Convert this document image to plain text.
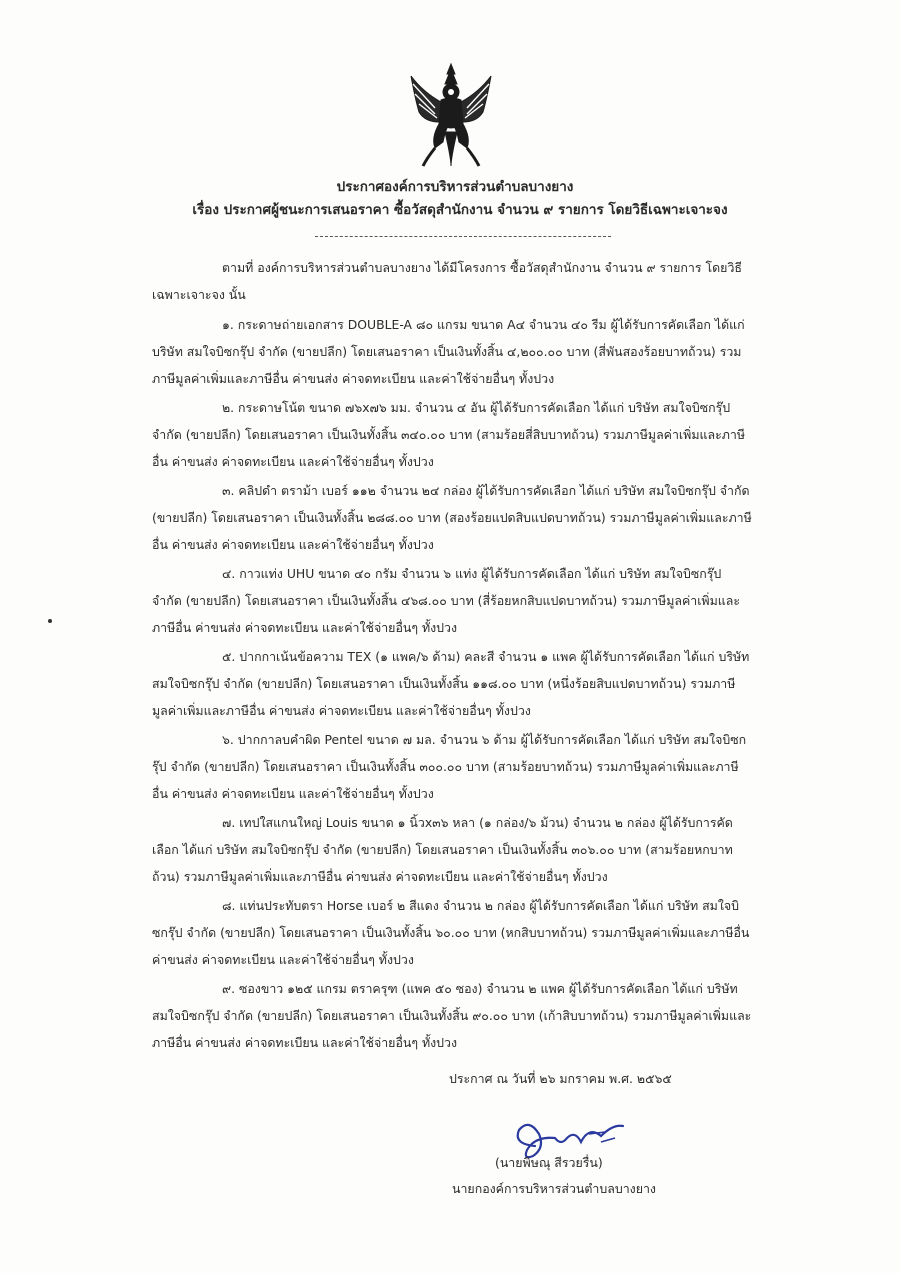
ประกาศองค์การบริหารส่วนตำบลบางยาง
เรื่อง ประกาศผู้ชนะการเสนอราคา ซื้อวัสดุสำนักงาน จำนวน ๙ รายการ โดยวิธีเฉพาะเจาะจง

ตามที่ องค์การบริหารส่วนตำบลบางยาง ได้มีโครงการ ซื้อวัสดุสำนักงาน จำนวน ๙ รายการ โดยวิธีเฉพาะเจาะจง นั้น

๑. กระดาษถ่ายเอกสาร DOUBLE-A ๘๐ แกรม ขนาด A๔ จำนวน ๔๐ รีม ผู้ได้รับการคัดเลือก ได้แก่ บริษัท สมใจบิซกรุ๊ป จำกัด (ขายปลีก) โดยเสนอราคา เป็นเงินทั้งสิ้น ๔,๒๐๐.๐๐ บาท (สี่พันสองร้อยบาทถ้วน) รวมภาษีมูลค่าเพิ่มและภาษีอื่น ค่าขนส่ง ค่าจดทะเบียน และค่าใช้จ่ายอื่นๆ ทั้งปวง

๒. กระดาษโน้ต ขนาด ๗๖x๗๖ มม. จำนวน ๔ อัน ผู้ได้รับการคัดเลือก ได้แก่ บริษัท สมใจบิซกรุ๊ป จำกัด (ขายปลีก) โดยเสนอราคา เป็นเงินทั้งสิ้น ๓๔๐.๐๐ บาท (สามร้อยสี่สิบบาทถ้วน) รวมภาษีมูลค่าเพิ่มและภาษีอื่น ค่าขนส่ง ค่าจดทะเบียน และค่าใช้จ่ายอื่นๆ ทั้งปวง

๓. คลิปดำ ตราม้า เบอร์ ๑๑๒ จำนวน ๒๔ กล่อง ผู้ได้รับการคัดเลือก ได้แก่ บริษัท สมใจบิซกรุ๊ป จำกัด (ขายปลีก) โดยเสนอราคา เป็นเงินทั้งสิ้น ๒๘๘.๐๐ บาท (สองร้อยแปดสิบแปดบาทถ้วน) รวมภาษีมูลค่าเพิ่มและภาษีอื่น ค่าขนส่ง ค่าจดทะเบียน และค่าใช้จ่ายอื่นๆ ทั้งปวง

๔. กาวแท่ง UHU ขนาด ๔๐ กรัม จำนวน ๖ แท่ง ผู้ได้รับการคัดเลือก ได้แก่ บริษัท สมใจบิซกรุ๊ป จำกัด (ขายปลีก) โดยเสนอราคา เป็นเงินทั้งสิ้น ๔๖๘.๐๐ บาท (สี่ร้อยหกสิบแปดบาทถ้วน) รวมภาษีมูลค่าเพิ่มและภาษีอื่น ค่าขนส่ง ค่าจดทะเบียน และค่าใช้จ่ายอื่นๆ ทั้งปวง

๕. ปากกาเน้นข้อความ TEX (๑ แพค/๖ ด้าม) คละสี จำนวน ๑ แพค ผู้ได้รับการคัดเลือก ได้แก่ บริษัท สมใจบิซกรุ๊ป จำกัด (ขายปลีก) โดยเสนอราคา เป็นเงินทั้งสิ้น ๑๑๘.๐๐ บาท (หนึ่งร้อยสิบแปดบาทถ้วน) รวมภาษีมูลค่าเพิ่มและภาษีอื่น ค่าขนส่ง ค่าจดทะเบียน และค่าใช้จ่ายอื่นๆ ทั้งปวง

๖. ปากกาลบคำผิด Pentel ขนาด ๗ มล. จำนวน ๖ ด้าม ผู้ได้รับการคัดเลือก ได้แก่ บริษัท สมใจบิซกรุ๊ป จำกัด (ขายปลีก) โดยเสนอราคา เป็นเงินทั้งสิ้น ๓๐๐.๐๐ บาท (สามร้อยบาทถ้วน) รวมภาษีมูลค่าเพิ่มและภาษีอื่น ค่าขนส่ง ค่าจดทะเบียน และค่าใช้จ่ายอื่นๆ ทั้งปวง

๗. เทปใสแกนใหญ่ Louis ขนาด ๑ นิ้วx๓๖ หลา (๑ กล่อง/๖ ม้วน) จำนวน ๒ กล่อง ผู้ได้รับการคัดเลือก ได้แก่ บริษัท สมใจบิซกรุ๊ป จำกัด (ขายปลีก) โดยเสนอราคา เป็นเงินทั้งสิ้น ๓๐๖.๐๐ บาท (สามร้อยหกบาทถ้วน) รวมภาษีมูลค่าเพิ่มและภาษีอื่น ค่าขนส่ง ค่าจดทะเบียน และค่าใช้จ่ายอื่นๆ ทั้งปวง

๘. แท่นประทับตรา Horse เบอร์ ๒ สีแดง จำนวน ๒ กล่อง ผู้ได้รับการคัดเลือก ได้แก่ บริษัท สมใจบิซกรุ๊ป จำกัด (ขายปลีก) โดยเสนอราคา เป็นเงินทั้งสิ้น ๖๐.๐๐ บาท (หกสิบบาทถ้วน) รวมภาษีมูลค่าเพิ่มและภาษีอื่น ค่าขนส่ง ค่าจดทะเบียน และค่าใช้จ่ายอื่นๆ ทั้งปวง

๙. ซองขาว ๑๒๕ แกรม ตราครุฑ (แพค ๕๐ ซอง) จำนวน ๒ แพค ผู้ได้รับการคัดเลือก ได้แก่ บริษัท สมใจบิซกรุ๊ป จำกัด (ขายปลีก) โดยเสนอราคา เป็นเงินทั้งสิ้น ๙๐.๐๐ บาท (เก้าสิบบาทถ้วน) รวมภาษีมูลค่าเพิ่มและภาษีอื่น ค่าขนส่ง ค่าจดทะเบียน และค่าใช้จ่ายอื่นๆ ทั้งปวง

ประกาศ ณ วันที่ ๒๖ มกราคม พ.ศ. ๒๕๖๕
(นายพิษณุ สีรวยรื่น)
นายกองค์การบริหารส่วนตำบลบางยาง
